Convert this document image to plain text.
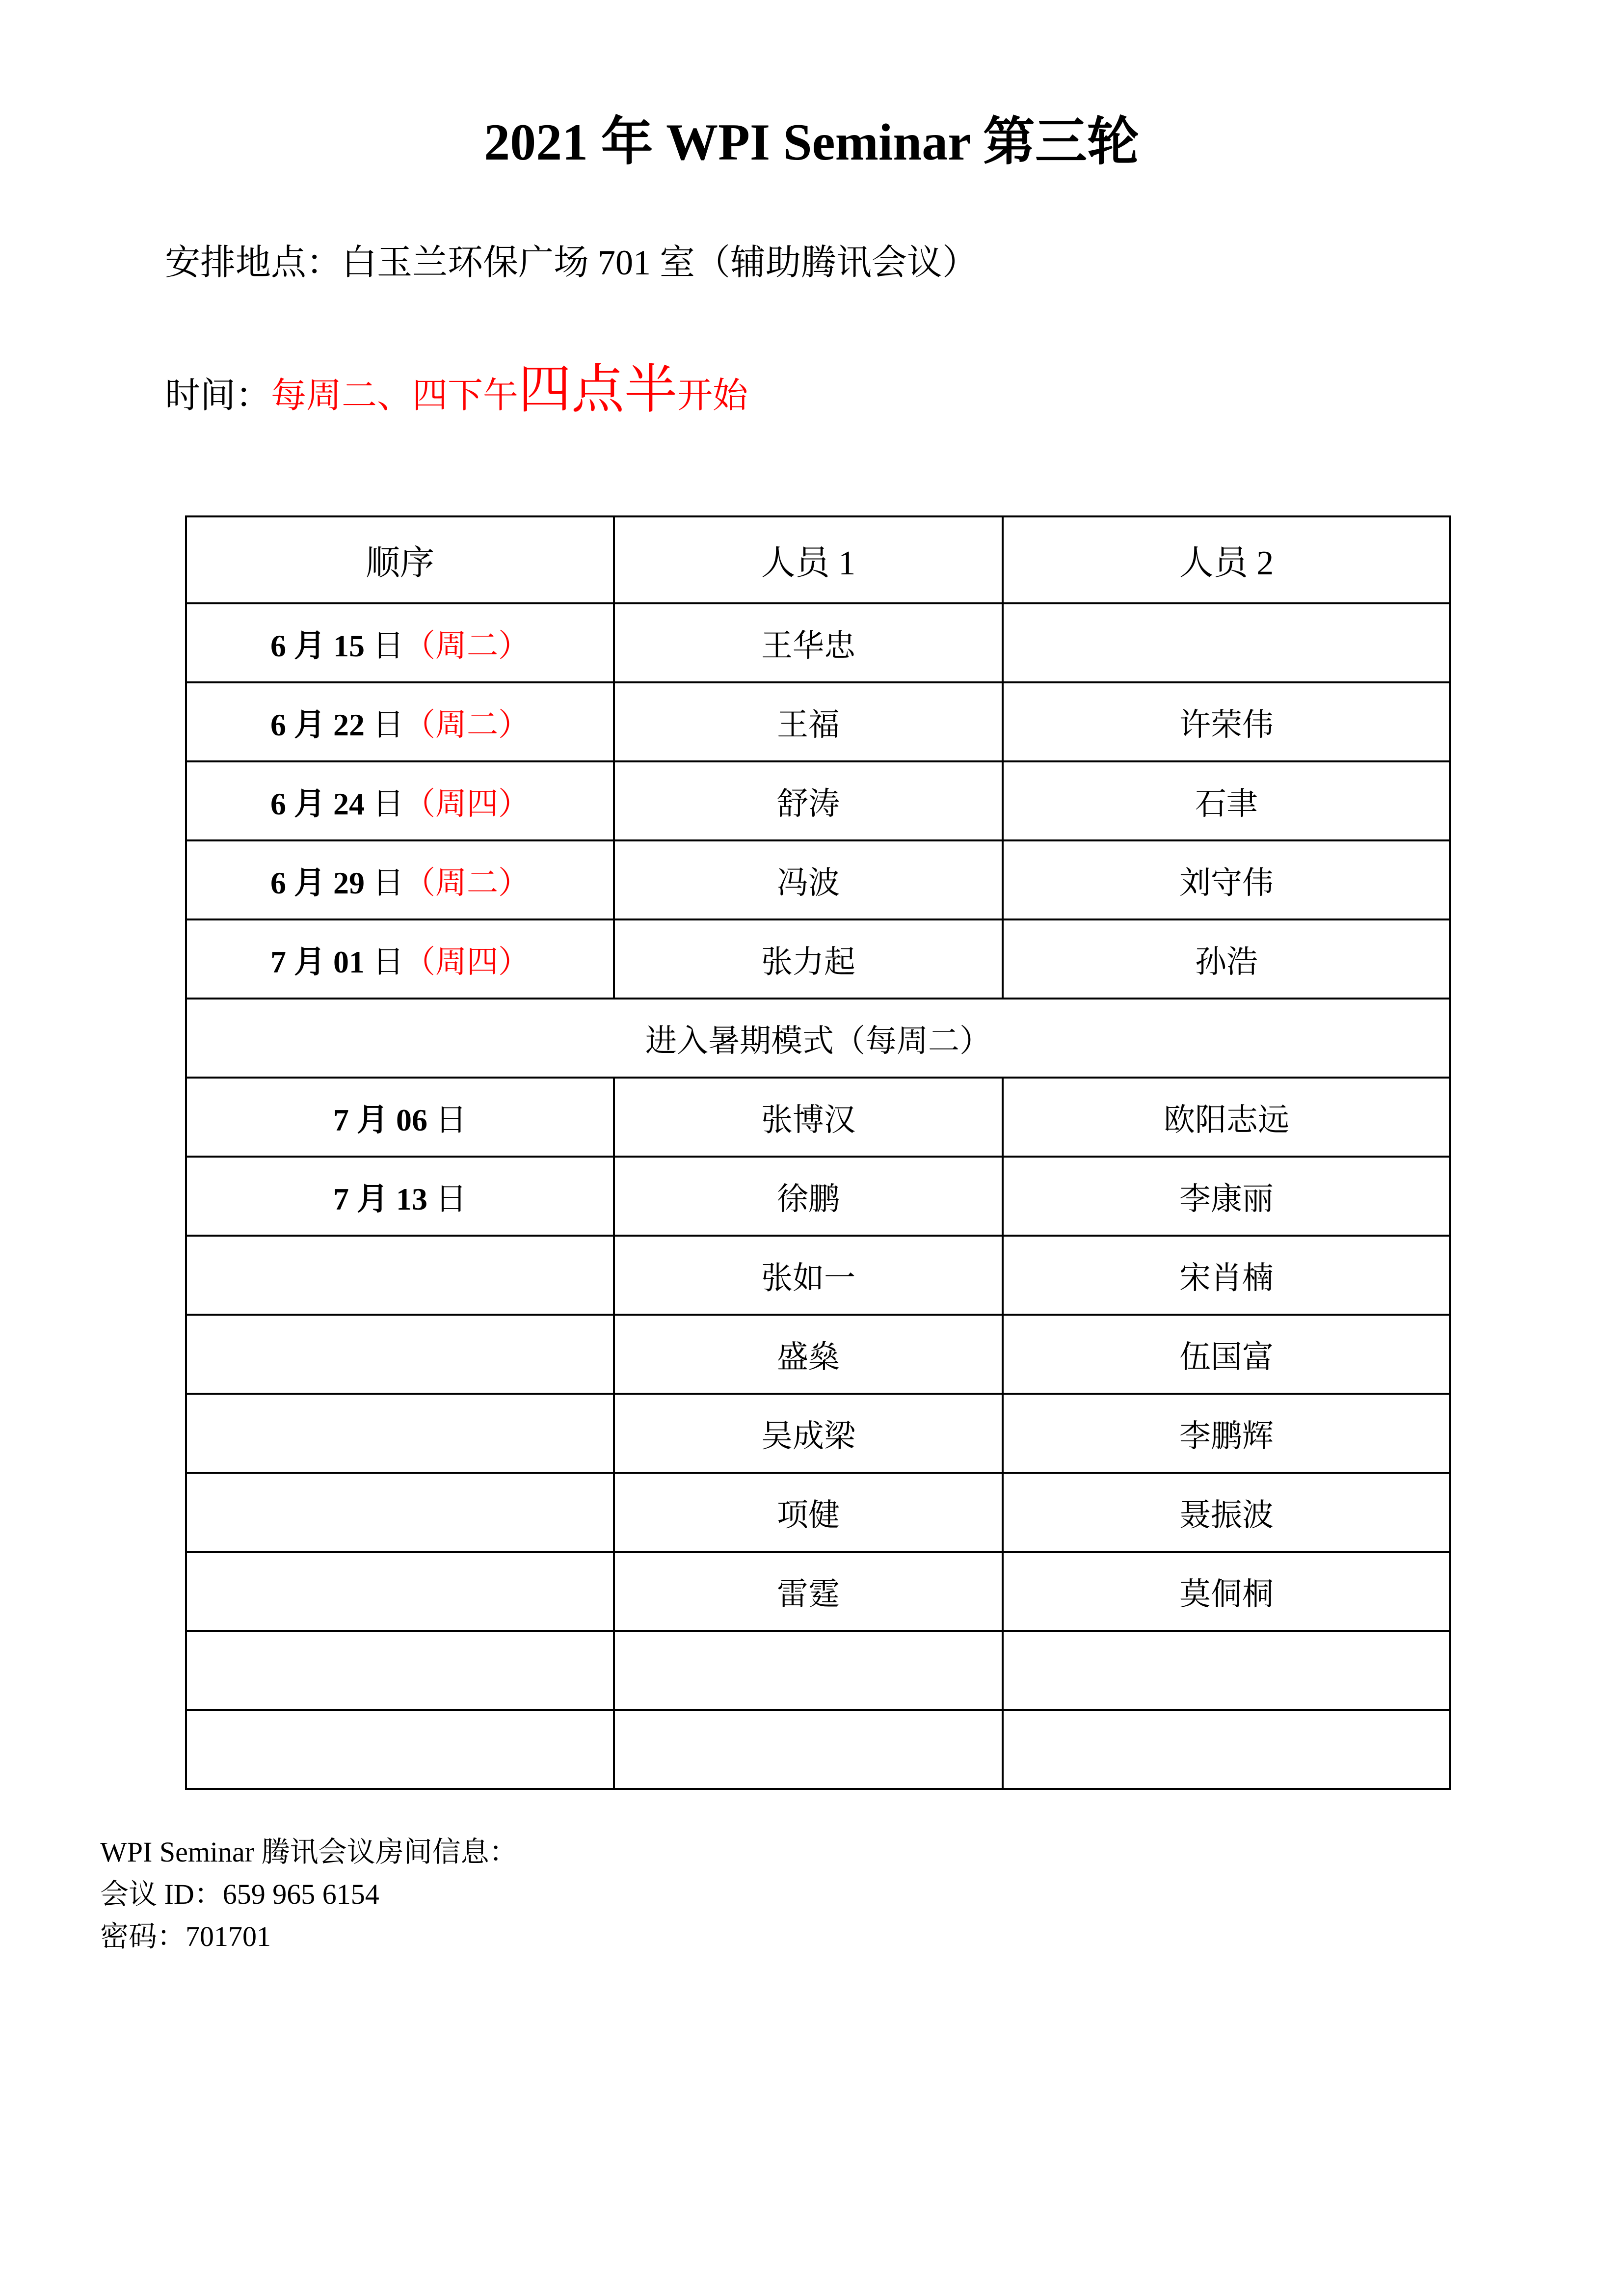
2021 年 WPI Seminar 第三轮
安排地点：白玉兰环保广场 701 室（辅助腾讯会议）
时间：每周二、四下午四点半开始
顺序	人员 1	人员 2
6 月 15 日（周二）	王华忠	
6 月 22 日（周二）	王福	许荣伟
6 月 24 日（周四）	舒涛	石聿
6 月 29 日（周二）	冯波	刘守伟
7 月 01 日（周四）	张力起	孙浩
进入暑期模式（每周二）		
7 月 06 日	张博汉	欧阳志远
7 月 13 日	徐鹏	李康丽
	张如一	宋肖楠
	盛燊	伍国富
	吴成梁	李鹏辉
	项健	聂振波
	雷霆	莫侗桐

WPI Seminar 腾讯会议房间信息：
会议 ID：659 965 6154
密码：701701
